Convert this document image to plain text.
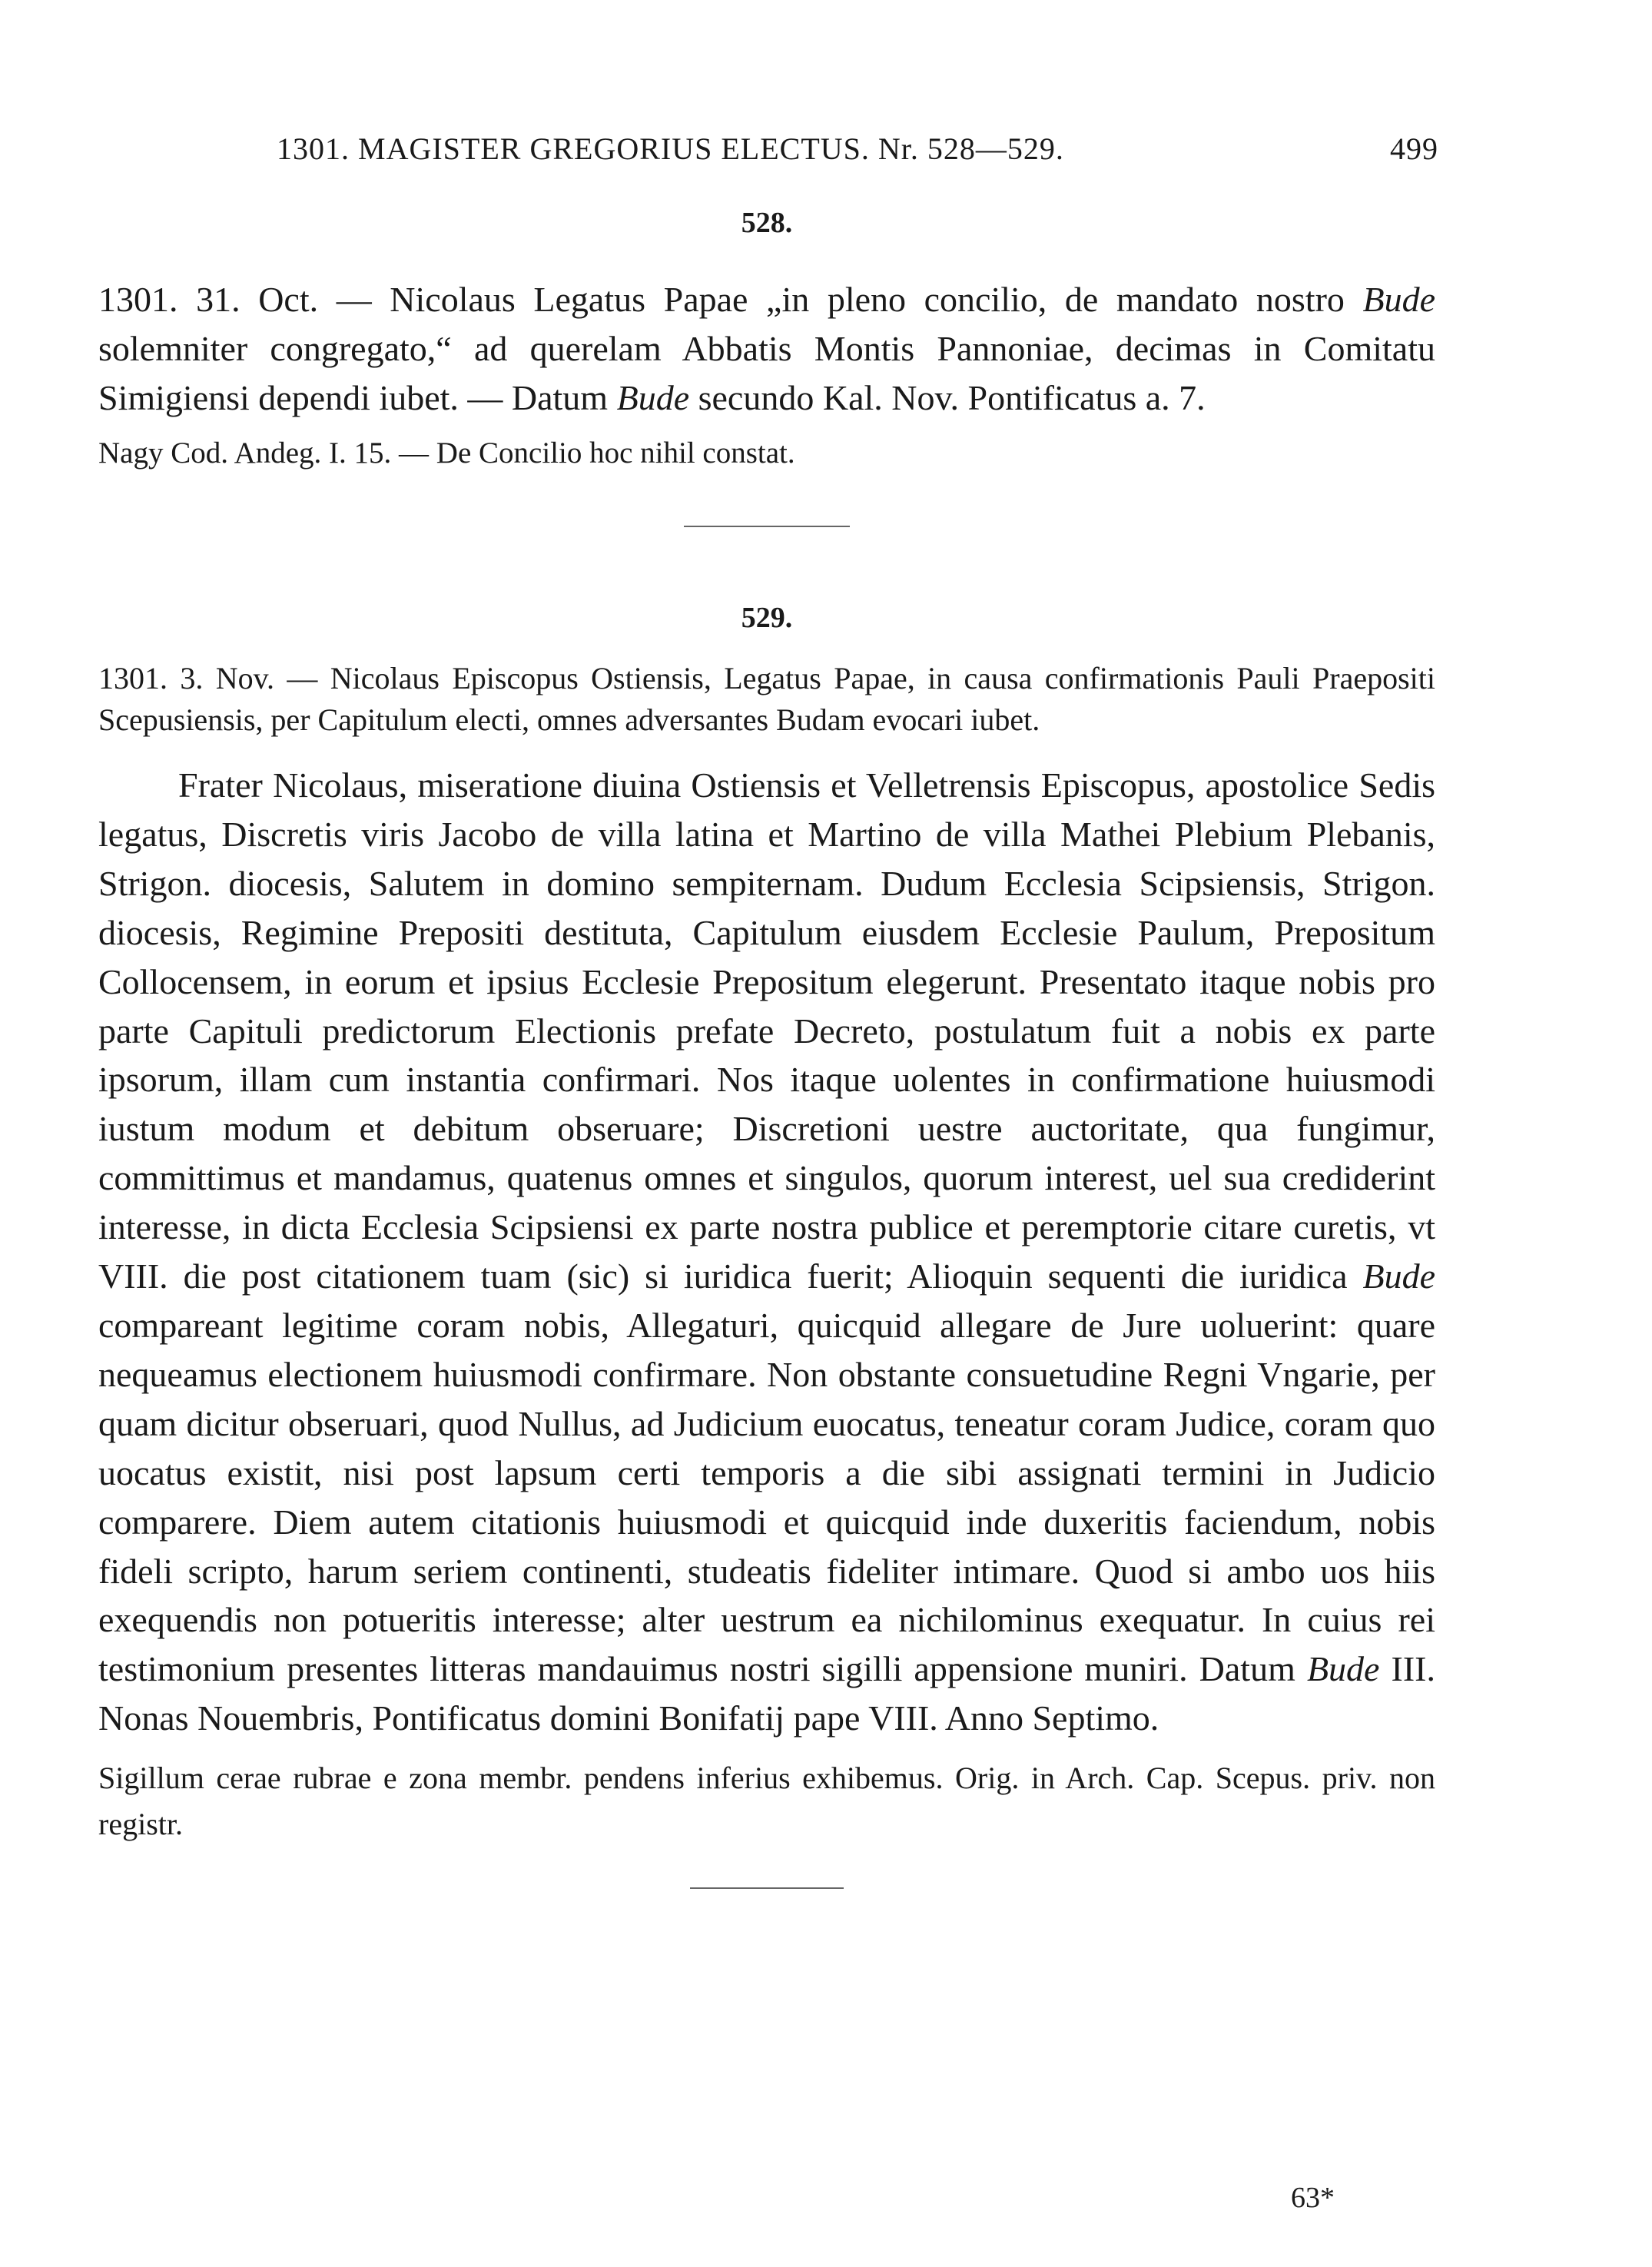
1301. MAGISTER GREGORIUS ELECTUS. Nr. 528—529.	499

528.

1301. 31. Oct. — Nicolaus Legatus Papae „in pleno concilio, de mandato nostro Bude solemniter congregato,“ ad querelam Abbatis Montis Pannoniae, decimas in Comitatu Simigiensi dependi iubet. — Datum Bude secundo Kal. Nov. Pontificatus a. 7.

Nagy Cod. Andeg. I. 15. — De Concilio hoc nihil constat.

529.

1301. 3. Nov. — Nicolaus Episcopus Ostiensis, Legatus Papae, in causa confirmationis Pauli Praepositi Scepusiensis, per Capitulum electi, omnes adversantes Budam evocari iubet.

Frater Nicolaus, miseratione diuina Ostiensis et Velletrensis Episcopus, apostolice Sedis legatus, Discretis viris Jacobo de villa latina et Martino de villa Mathei Plebium Plebanis, Strigon. diocesis, Salutem in domino sempiternam. Dudum Ecclesia Scipsiensis, Strigon. diocesis, Regimine Prepositi destituta, Capitulum eiusdem Ecclesie Paulum, Prepositum Collocensem, in eorum et ipsius Ecclesie Prepositum elegerunt. Presentato itaque nobis pro parte Capituli predictorum Electionis prefate Decreto, postulatum fuit a nobis ex parte ipsorum, illam cum instantia confirmari. Nos itaque uolentes in confirmatione huiusmodi iustum modum et debitum obseruare; Discretioni uestre auctoritate, qua fungimur, committimus et mandamus, quatenus omnes et singulos, quorum interest, uel sua crediderint interesse, in dicta Ecclesia Scipsiensi ex parte nostra publice et peremptorie citare curetis, vt VIII. die post citationem tuam (sic) si iuridica fuerit; Alioquin sequenti die iuridica Bude compareant legitime coram nobis, Allegaturi, quicquid allegare de Jure uoluerint: quare nequeamus electionem huiusmodi confirmare. Non obstante consuetudine Regni Vngarie, per quam dicitur obseruari, quod Nullus, ad Judicium euocatus, teneatur coram Judice, coram quo uocatus existit, nisi post lapsum certi temporis a die sibi assignati termini in Judicio comparere. Diem autem citationis huiusmodi et quicquid inde duxeritis faciendum, nobis fideli scripto, harum seriem continenti, studeatis fideliter intimare. Quod si ambo uos hiis exequendis non potueritis interesse; alter uestrum ea nichilominus exequatur. In cuius rei testimonium presentes litteras mandauimus nostri sigilli appensione muniri. Datum Bude III. Nonas Nouembris, Pontificatus domini Bonifatij pape VIII. Anno Septimo.

Sigillum cerae rubrae e zona membr. pendens inferius exhibemus. Orig. in Arch. Cap. Scepus. priv. non registr.

63*
